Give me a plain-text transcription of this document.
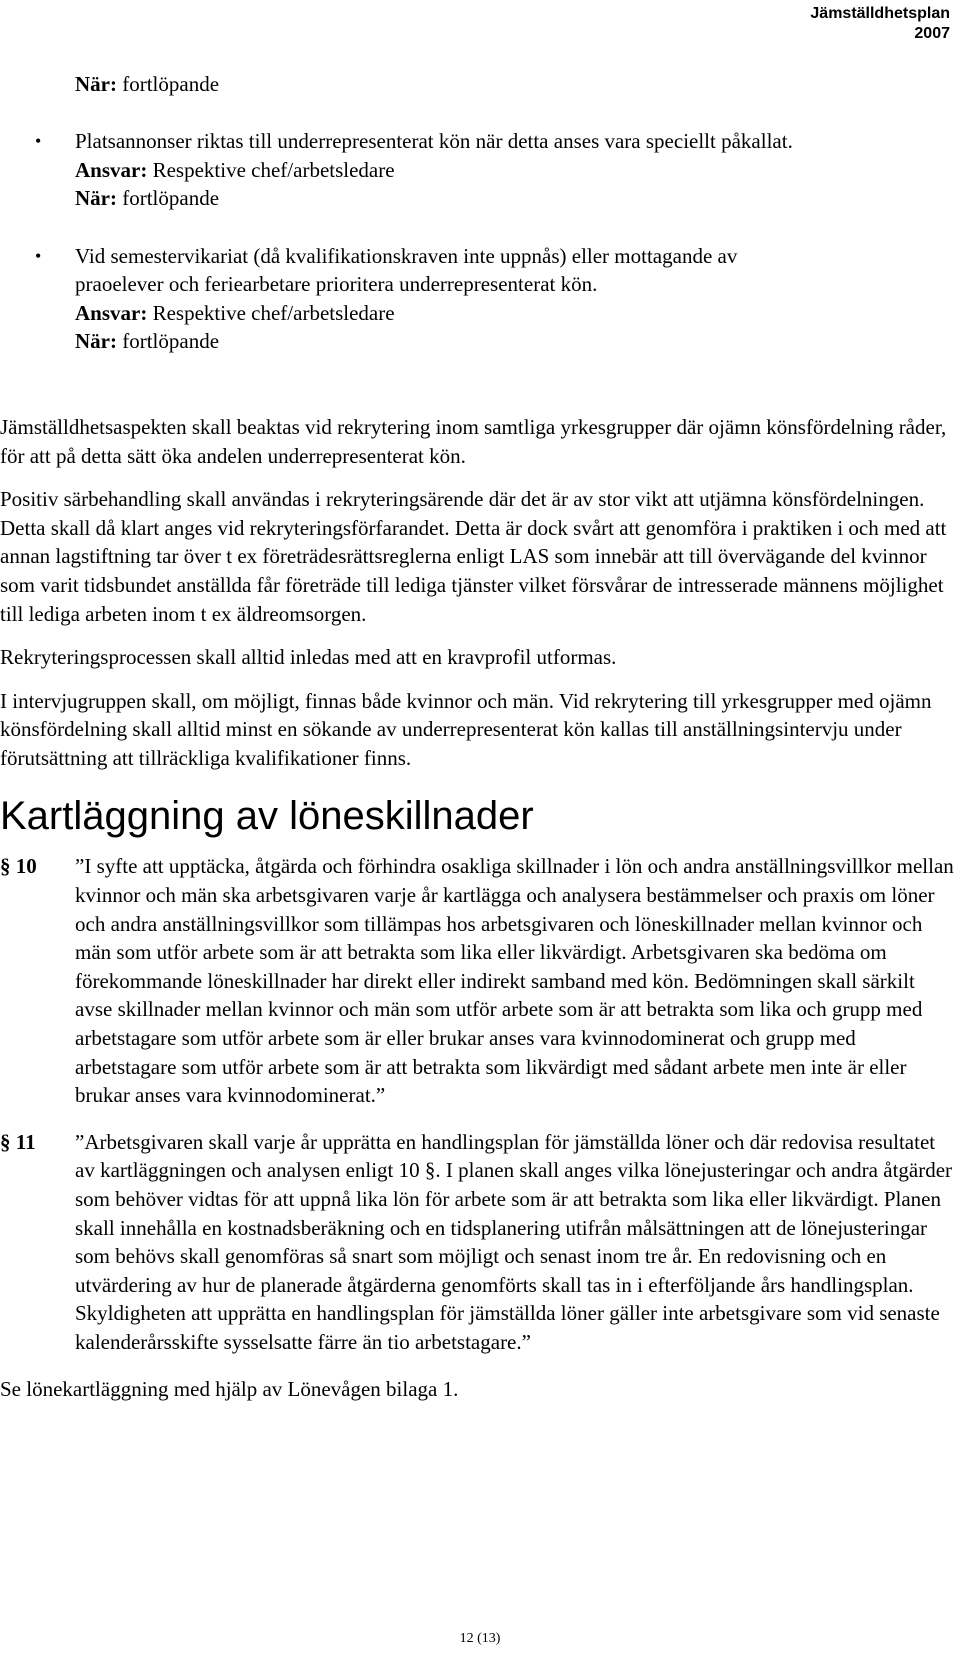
Jämställdhetsplan
2007

När: fortlöpande

• Platsannonser riktas till underrepresenterat kön när detta anses vara speciellt påkallat.

Ansvar: Respektive chef/arbetsledare

När: fortlöpande

• Vid semestervikariat (då kvalifikationskraven inte uppnås) eller mottagande av

praoelever och feriearbetare prioritera underrepresenterat kön.

Ansvar: Respektive chef/arbetsledare

När: fortlöpande

Jämställdhetsaspekten skall beaktas vid rekrytering inom samtliga yrkesgrupper där ojämn könsfördelning råder, för att på detta sätt öka andelen underrepresenterat kön.

Positiv särbehandling skall användas i rekryteringsärende där det är av stor vikt att utjämna könsfördelningen. Detta skall då klart anges vid rekryteringsförfarandet. Detta är dock svårt att genomföra i praktiken i och med att annan lagstiftning tar över t ex företrädesrättsreglerna enligt LAS som innebär att till övervägande del kvinnor som varit tidsbundet anställda får företräde till lediga tjänster vilket försvårar de intresserade männens möjlighet till lediga arbeten inom t ex äldreomsorgen.

Rekryteringsprocessen skall alltid inledas med att en kravprofil utformas.

I intervjugruppen skall, om möjligt, finnas både kvinnor och män. Vid rekrytering till yrkesgrupper med ojämn könsfördelning skall alltid minst en sökande av underrepresenterat kön kallas till anställningsintervju under förutsättning att tillräckliga kvalifikationer finns.

Kartläggning av löneskillnader
§ 10	”I syfte att upptäcka, åtgärda och förhindra osakliga skillnader i lön och andra anställningsvillkor mellan kvinnor och män ska arbetsgivaren varje år kartlägga och analysera bestämmelser och praxis om löner och andra anställningsvillkor som tillämpas hos arbetsgivaren och löneskillnader mellan kvinnor och män som utför arbete som är att betrakta som lika eller likvärdigt. Arbetsgivaren ska bedöma om förekommande löneskillnader har direkt eller indirekt samband med kön. Bedömningen skall särkilt avse skillnader mellan kvinnor och män som utför arbete som är att betrakta som lika och grupp med arbetstagare som utför arbete som är eller brukar anses vara kvinnodominerat och grupp med arbetstagare som utför arbete som är att betrakta som likvärdigt med sådant arbete men inte är eller brukar anses vara kvinnodominerat.”

§ 11	”Arbetsgivaren skall varje år upprätta en handlingsplan för jämställda löner och där redovisa resultatet av kartläggningen och analysen enligt 10 §. I planen skall anges vilka lönejusteringar och andra åtgärder som behöver vidtas för att uppnå lika lön för arbete som är att betrakta som lika eller likvärdigt. Planen skall innehålla en kostnadsberäkning och en tidsplanering utifrån målsättningen att de lönejusteringar som behövs skall genomföras så snart som möjligt och senast inom tre år. En redovisning och en utvärdering av hur de planerade åtgärderna genomförts skall tas in i efterföljande års handlingsplan. Skyldigheten att upprätta en handlingsplan för jämställda löner gäller inte arbetsgivare som vid senaste kalenderårsskifte sysselsatte färre än tio arbetstagare.”

Se lönekartläggning med hjälp av Lönevågen bilaga 1.

12 (13)
